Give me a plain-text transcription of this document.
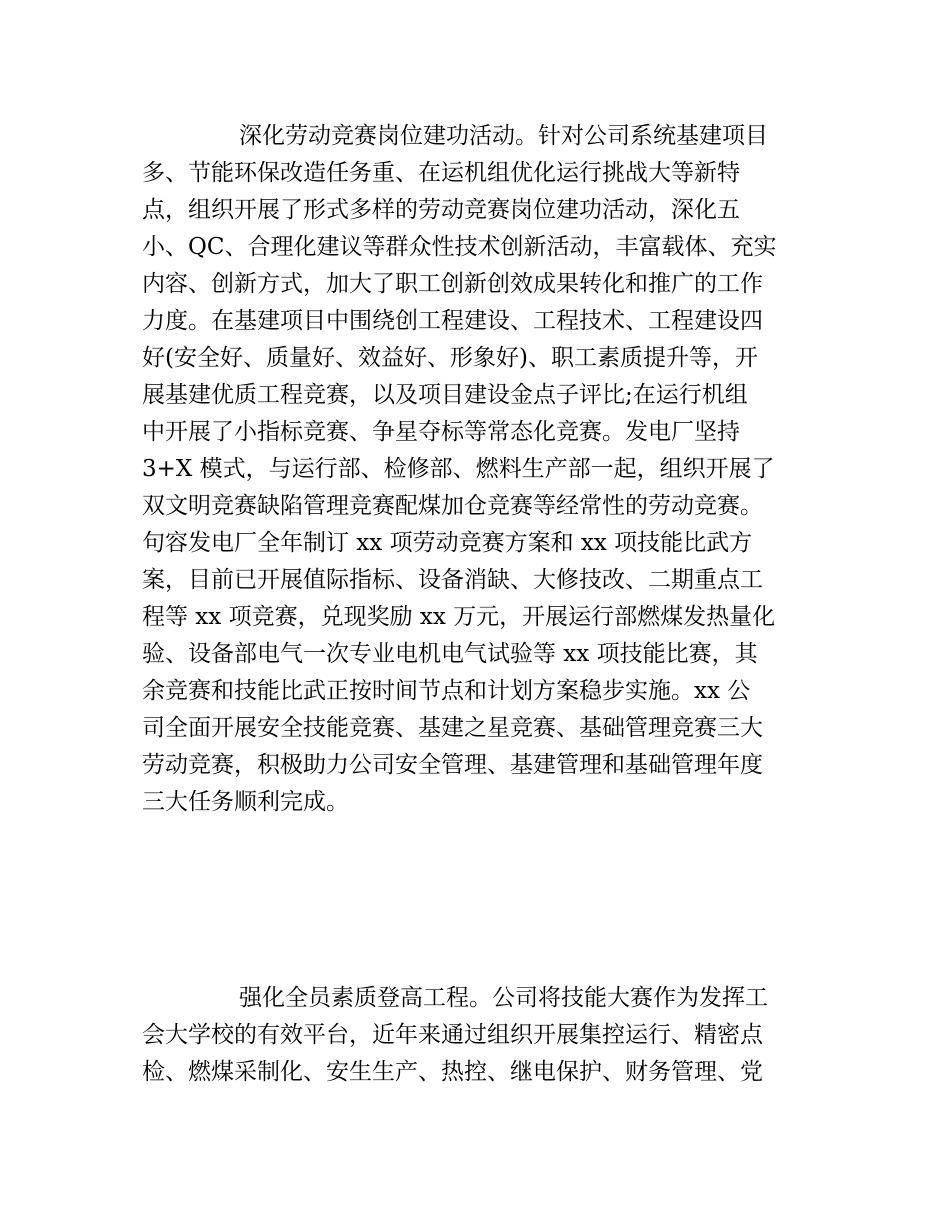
深化劳动竞赛岗位建功活动。针对公司系统基建项目
多、节能环保改造任务重、在运机组优化运行挑战大等新特
点，组织开展了形式多样的劳动竞赛岗位建功活动，深化五
小、QC、合理化建议等群众性技术创新活动，丰富载体、充实
内容、创新方式，加大了职工创新创效成果转化和推广的工作
力度。在基建项目中围绕创工程建设、工程技术、工程建设四
好(安全好、质量好、效益好、形象好)、职工素质提升等，开
展基建优质工程竞赛，以及项目建设金点子评比;在运行机组
中开展了小指标竞赛、争星夺标等常态化竞赛。发电厂坚持
3+X 模式，与运行部、检修部、燃料生产部一起，组织开展了
双文明竞赛缺陷管理竞赛配煤加仓竞赛等经常性的劳动竞赛。
句容发电厂全年制订 xx 项劳动竞赛方案和 xx 项技能比武方
案，目前已开展值际指标、设备消缺、大修技改、二期重点工
程等 xx 项竞赛，兑现奖励 xx 万元，开展运行部燃煤发热量化
验、设备部电气一次专业电机电气试验等 xx 项技能比赛，其
余竞赛和技能比武正按时间节点和计划方案稳步实施。xx 公
司全面开展安全技能竞赛、基建之星竞赛、基础管理竞赛三大
劳动竞赛，积极助力公司安全管理、基建管理和基础管理年度
三大任务顺利完成。
强化全员素质登高工程。公司将技能大赛作为发挥工
会大学校的有效平台，近年来通过组织开展集控运行、精密点
检、燃煤采制化、安生生产、热控、继电保护、财务管理、党
